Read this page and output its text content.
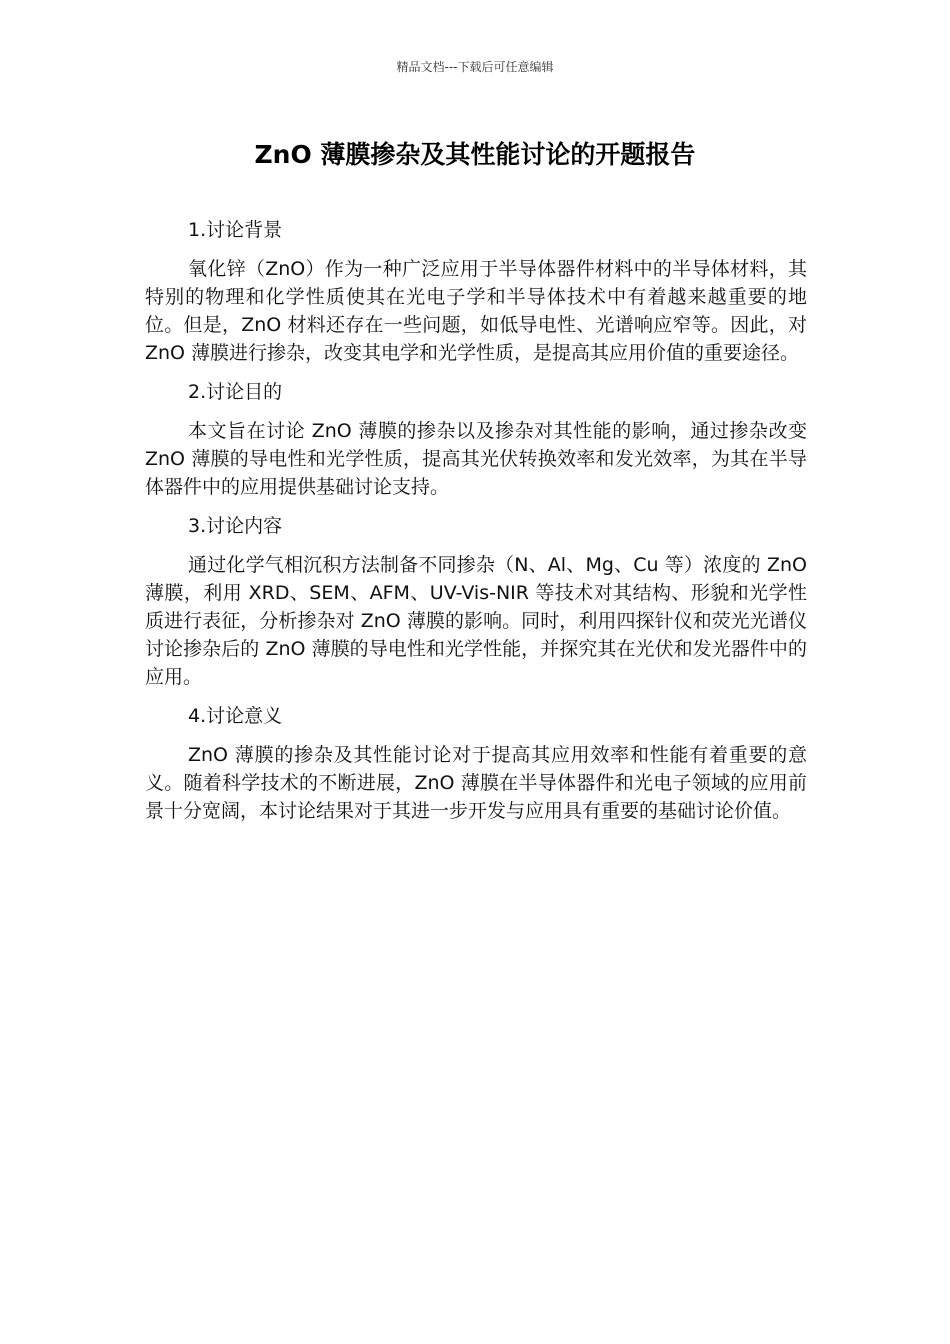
精品文档---下载后可任意编辑
ZnO 薄膜掺杂及其性能讨论的开题报告

1.讨论背景

氧化锌（ZnO）作为一种广泛应用于半导体器件材料中的半导体材料，其特别的物理和化学性质使其在光电子学和半导体技术中有着越来越重要的地位。但是，ZnO 材料还存在一些问题，如低导电性、光谱响应窄等。因此，对 ZnO 薄膜进行掺杂，改变其电学和光学性质，是提高其应用价值的重要途径。

2.讨论目的

本文旨在讨论 ZnO 薄膜的掺杂以及掺杂对其性能的影响，通过掺杂改变 ZnO 薄膜的导电性和光学性质，提高其光伏转换效率和发光效率，为其在半导体器件中的应用提供基础讨论支持。

3.讨论内容

通过化学气相沉积方法制备不同掺杂（N、Al、Mg、Cu 等）浓度的 ZnO 薄膜，利用 XRD、SEM、AFM、UV-Vis-NIR 等技术对其结构、形貌和光学性质进行表征，分析掺杂对 ZnO 薄膜的影响。同时，利用四探针仪和荧光光谱仪讨论掺杂后的 ZnO 薄膜的导电性和光学性能，并探究其在光伏和发光器件中的应用。

4.讨论意义

ZnO 薄膜的掺杂及其性能讨论对于提高其应用效率和性能有着重要的意义。随着科学技术的不断进展，ZnO 薄膜在半导体器件和光电子领域的应用前景十分宽阔，本讨论结果对于其进一步开发与应用具有重要的基础讨论价值。
